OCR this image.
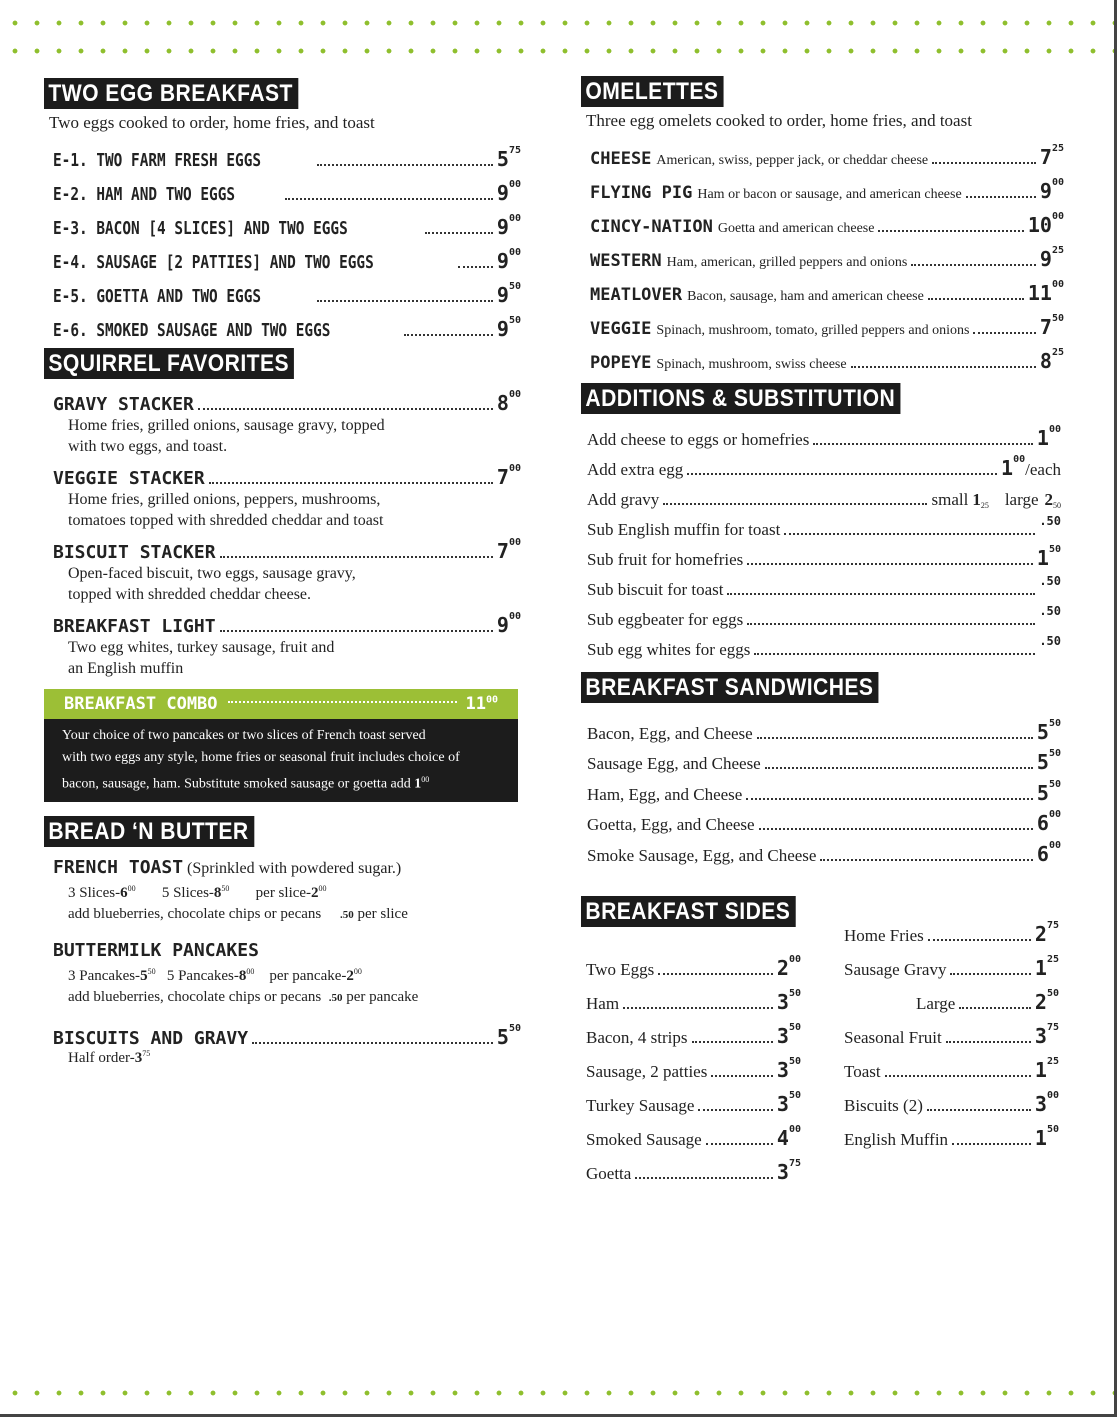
TWO EGG BREAKFAST
Two eggs cooked to order, home fries, and toast
E-1. TWO FARM FRESH EGGS	$5^{75}$
E-2. HAM AND TWO EGGS	$9^{00}$
E-3. BACON [4 SLICES] AND TWO EGGS	$9^{00}$
E-4. SAUSAGE [2 PATTIES] AND TWO EGGS	$9^{00}$
E-5. GOETTA AND TWO EGGS	$9^{50}$
E-6. SMOKED SAUSAGE AND TWO EGGS	$9^{50}$
SQUIRREL FAVORITES
GRAVY STACKER	$8^{00}$
Home fries, grilled onions, sausage gravy, topped
with two eggs, and toast.
VEGGIE STACKER	$7^{00}$
Home fries, grilled onions, peppers, mushrooms,
tomatoes topped with shredded cheddar and toast
BISCUIT STACKER	$7^{00}$
Open-faced biscuit, two eggs, sausage gravy,
topped with shredded cheddar cheese.
BREAKFAST LIGHT	$9^{00}$
Two egg whites, turkey sausage, fruit and
an English muffin
BREAKFAST COMBO	$11^{00}$
Your choice of two pancakes or two slices of French toast served
with two eggs any style, home fries or seasonal fruit includes choice of
bacon, sausage, ham. Substitute smoked sausage or goetta add $1^{00}$
BREAD ‘N BUTTER
FRENCH TOAST (Sprinkled with powdered sugar.)
3 Slices-$6^{00}$ 5 Slices-$8^{50}$ per slice-$2^{00}$
add blueberries, chocolate chips or pecans .50 per slice
BUTTERMILK PANCAKES
3 Pancakes-$5^{50}$ 5 Pancakes-$8^{00}$ per pancake-$2^{00}$
add blueberries, chocolate chips or pecans .50 per pancake
BISCUITS AND GRAVY	$5^{50}$
Half order-$3^{75}$
OMELETTES
Three egg omelets cooked to order, home fries, and toast
CHEESE American, swiss, pepper jack, or cheddar cheese	$7^{25}$
FLYING PIG Ham or bacon or sausage, and american cheese	$9^{00}$
CINCY-NATION Goetta and american cheese	$10^{00}$
WESTERN Ham, american, grilled peppers and onions	$9^{25}$
MEATLOVER Bacon, sausage, ham and american cheese	$11^{00}$
VEGGIE Spinach, mushroom, tomato, grilled peppers and onions	$7^{50}$
POPEYE Spinach, mushroom, swiss cheese	$8^{25}$
ADDITIONS & SUBSTITUTION
Add cheese to eggs or homefries	$1^{00}$
Add extra egg	$1^{00}$
/each
Add gravy	small $1_{25}$ large $2_{50}$
Sub English muffin for toast	$^{.50}$
Sub fruit for homefries	$1^{50}$
Sub biscuit for toast	$^{.50}$
Sub eggbeater for eggs	$^{.50}$
Sub egg whites for eggs	$^{.50}$
BREAKFAST SANDWICHES
Bacon, Egg, and Cheese	$5^{50}$
Sausage Egg, and Cheese	$5^{50}$
Ham, Egg, and Cheese	$5^{50}$
Goetta, Egg, and Cheese	$6^{00}$
Smoke Sausage, Egg, and Cheese	$6^{00}$
BREAKFAST SIDES
Two Eggs	$2^{00}$
Ham	$3^{50}$
Bacon, 4 strips	$3^{50}$
Sausage, 2 patties	$3^{50}$
Turkey Sausage	$3^{50}$
Smoked Sausage	$4^{00}$
Goetta	$3^{75}$
Home Fries	$2^{75}$
Sausage Gravy	$1^{25}$
Large	$2^{50}$
Seasonal Fruit	$3^{75}$
Toast	$1^{25}$
Biscuits (2)	$3^{00}$
English Muffin	$1^{50}$
